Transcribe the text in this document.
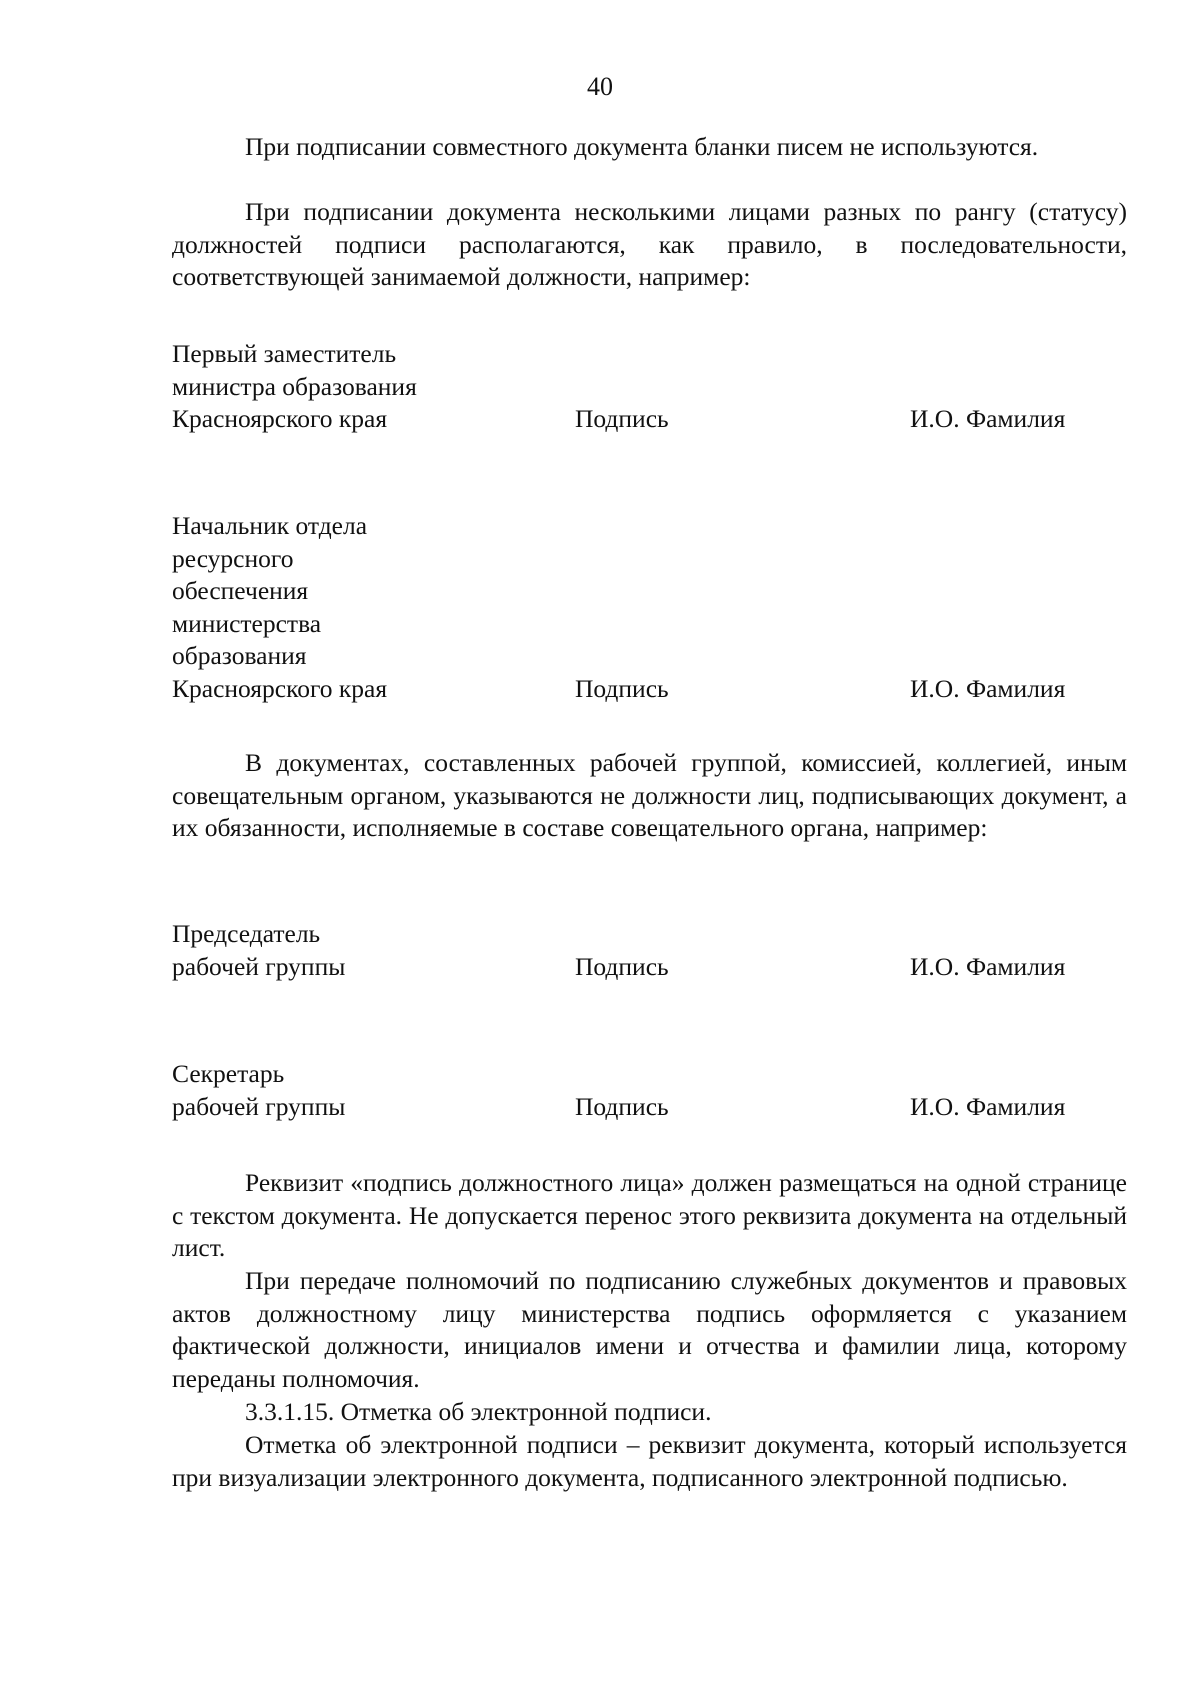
40

При подписании совместного документа бланки писем не используются.

При подписании документа несколькими лицами разных по рангу (статусу) должностей подписи располагаются, как правило, в последовательности, соответствующей занимаемой должности, например:

Первый заместитель
министра образования
Красноярского края	Подпись	И.О. Фамилия
Начальник отдела
ресурсного
обеспечения
министерства
образования
Красноярского края	Подпись	И.О. Фамилия

В документах, составленных рабочей группой, комиссией, коллегией, иным совещательным органом, указываются не должности лиц, подписывающих документ, а их обязанности, исполняемые в составе совещательного органа, например:

Председатель
рабочей группы	Подпись	И.О. Фамилия
Секретарь
рабочей группы	Подпись	И.О. Фамилия

Реквизит «подпись должностного лица» должен размещаться на одной странице с текстом документа. Не допускается перенос этого реквизита документа на отдельный лист.

При передаче полномочий по подписанию служебных документов и правовых актов должностному лицу министерства подпись оформляется с указанием фактической должности, инициалов имени и отчества и фамилии лица, которому переданы полномочия.

3.3.1.15. Отметка об электронной подписи.

Отметка об электронной подписи – реквизит документа, который используется при визуализации электронного документа, подписанного электронной подписью.
